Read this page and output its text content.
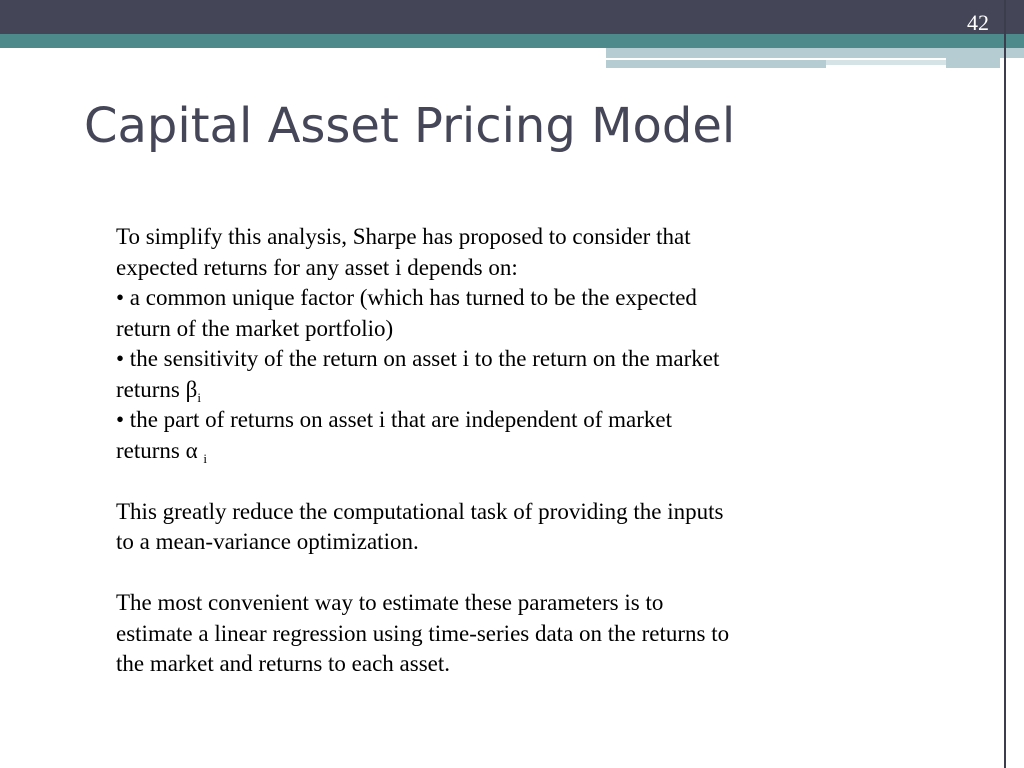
42
Capital Asset Pricing Model

To simplify this analysis, Sharpe has proposed to consider that

expected returns for any asset i depends on:

• a common unique factor (which has turned to be the expected

return of the market portfolio)

• the sensitivity of the return on asset i to the return on the market

returns $\beta_i$

• the part of returns on asset i that are independent of market

returns α $_i$

This greatly reduce the computational task of providing the inputs

to a mean-variance optimization.

The most convenient way to estimate these parameters is to

estimate a linear regression using time-series data on the returns to

the market and returns to each asset.
